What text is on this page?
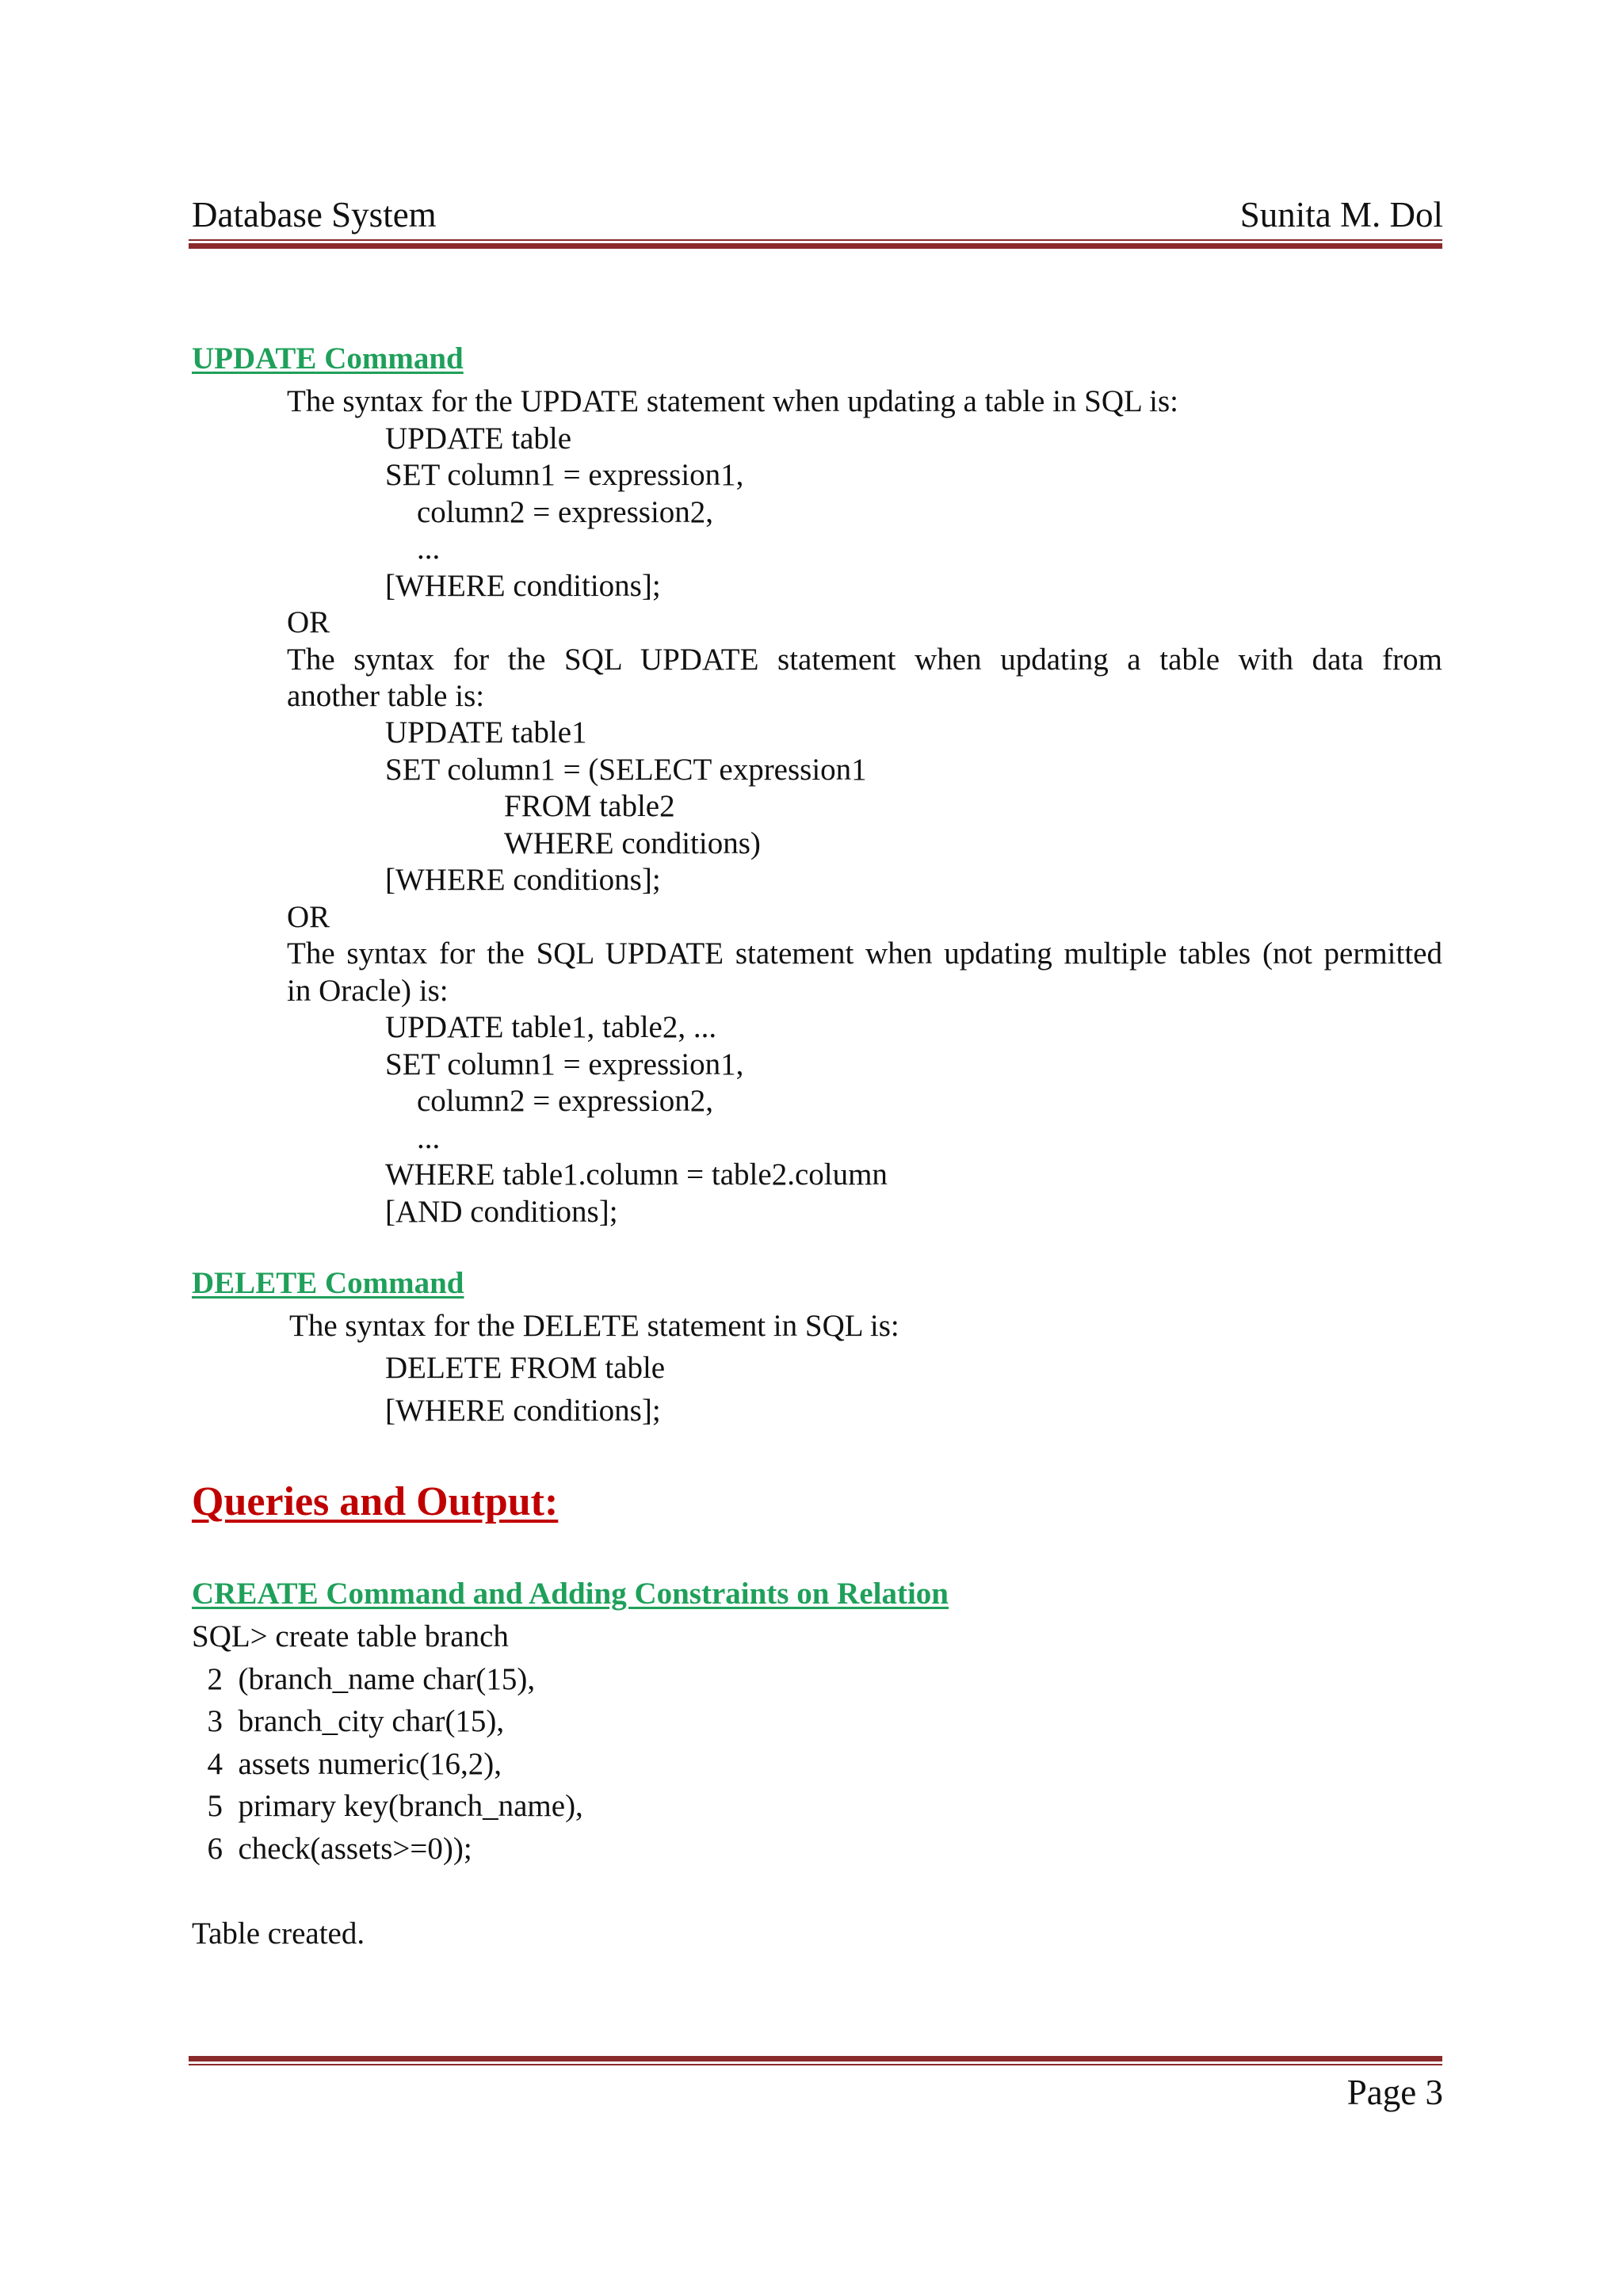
Database System	Sunita M. Dol
UPDATE Command
The syntax for the UPDATE statement when updating a table in SQL is:
UPDATE table
SET column1 = expression1,
column2 = expression2,
...
[WHERE conditions];
OR
The syntax for the SQL UPDATE statement when updating a table with data from
another table is:
UPDATE table1
SET column1 = (SELECT expression1
FROM table2
WHERE conditions)
[WHERE conditions];
OR
The syntax for the SQL UPDATE statement when updating multiple tables (not permitted
in Oracle) is:
UPDATE table1, table2, ...
SET column1 = expression1,
column2 = expression2,
...
WHERE table1.column = table2.column
[AND conditions];
DELETE Command
The syntax for the DELETE statement in SQL is:
DELETE FROM table
[WHERE conditions];
Queries and Output:
CREATE Command and Adding Constraints on Relation
SQL> create table branch
2  (branch_name char(15),
3  branch_city char(15),
4  assets numeric(16,2),
5  primary key(branch_name),
6  check(assets>=0));
Table created.
Page 3
